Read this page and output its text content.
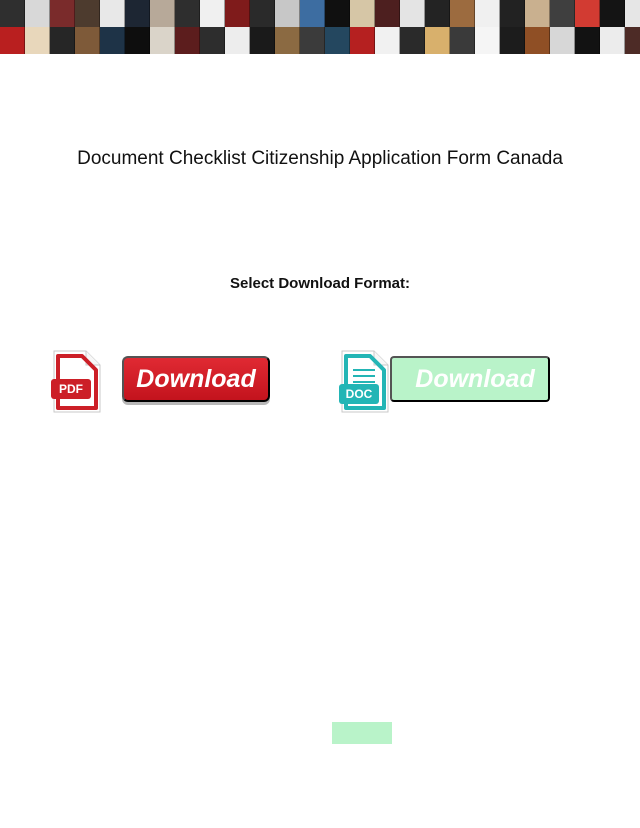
Document Checklist Citizenship Application Form Canada
Select Download Format:
PDF Download
DOC
Download
